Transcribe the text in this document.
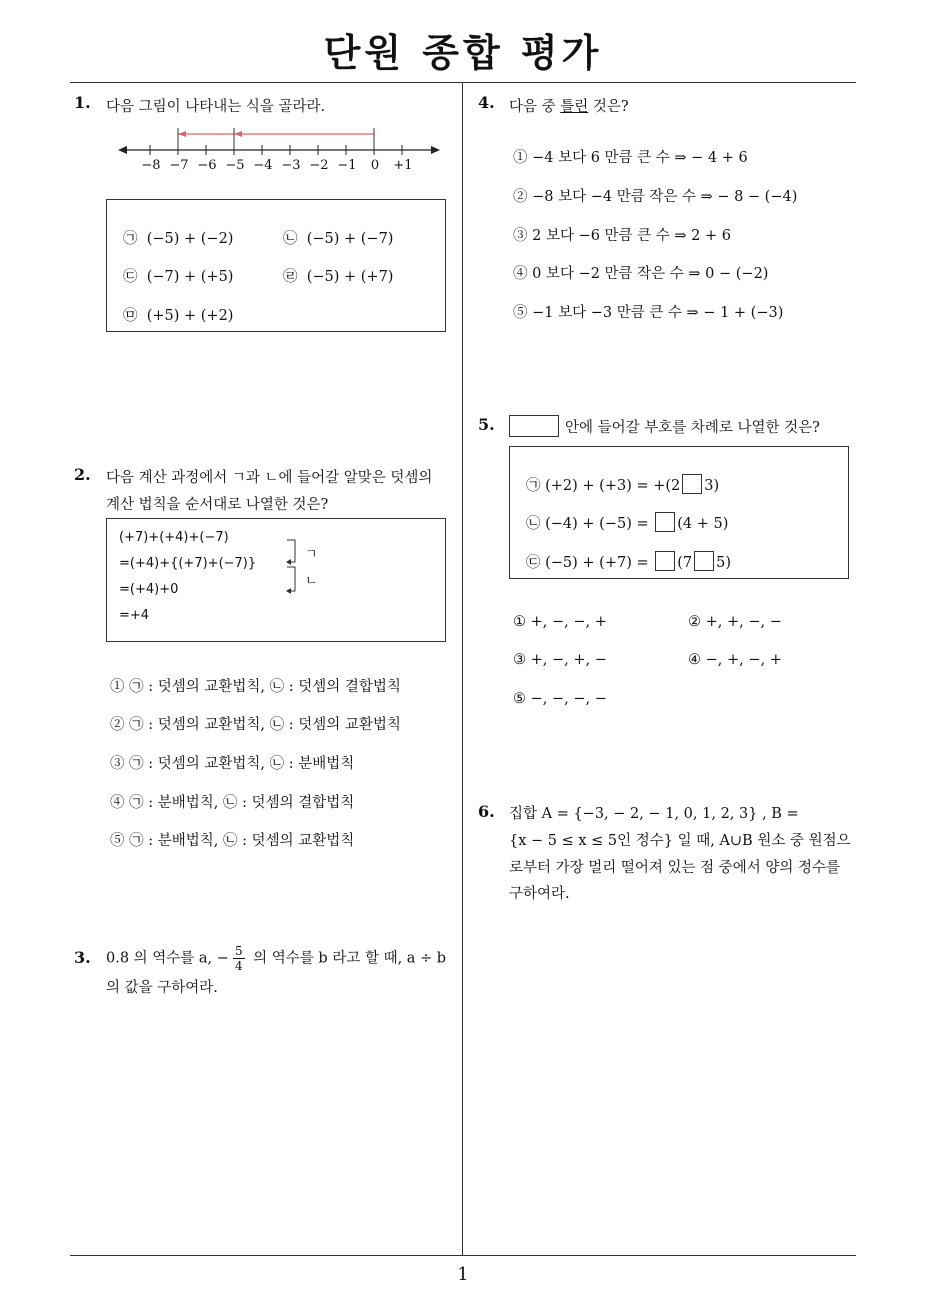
단원 종합 평가
1
1. 다음 그림이 나타내는 식을 골라라.
−8 −7 −6 −5 −4 −3 −2 −1	0	+1
㉠ (−5) + (−2)	㉡ (−5) + (−7)
㉢ (−7) + (+5)	㉣ (−5) + (+7)
㉤ (+5) + (+2)
2. 다음 계산 과정에서 ㄱ과 ㄴ에 들어갈 알맞은 덧셈의
계산 법칙을 순서대로 나열한 것은?
(+7)+(+4)+(−7)
=(+4)+{(+7)+(−7)}
=(+4)+0
=+4
ㄱ
ㄴ
① ㉠ : 덧셈의 교환법칙, ㉡ : 덧셈의 결합법칙
② ㉠ : 덧셈의 교환법칙, ㉡ : 덧셈의 교환법칙
③ ㉠ : 덧셈의 교환법칙, ㉡ : 분배법칙
④ ㉠ : 분배법칙, ㉡ : 덧셈의 결합법칙
⑤ ㉠ : 분배법칙, ㉡ : 덧셈의 교환법칙
3. 0.8 의 역수를 a, − $\frac{5}{4}$ 의 역수를 b 라고 할 때, a ÷ b
의 값을 구하여라.
4. 다음 중 틀린 것은?
① −4 보다 6 만큼 큰 수 ⇒ − 4 + 6
② −8 보다 −4 만큼 작은 수 ⇒ − 8 − (−4)
③ 2 보다 −6 만큼 큰 수 ⇒ 2 + 6
④ 0 보다 −2 만큼 작은 수 ⇒ 0 − (−2)
⑤ −1 보다 −3 만큼 큰 수 ⇒ − 1 + (−3)
5.	안에 들어갈 부호를 차례로 나열한 것은?
㉠ (+2) + (+3) = +(2 3)
㉡ (−4) + (−5) = (4 + 5)
㉢ (−5) + (+7) = (7 5)
① +, −, −, +	② +, +, −, −
③ +, −, +, −	④ −, +, −, +
⑤ −, −, −, −
6. 집합 A = {−3, − 2, − 1, 0, 1, 2, 3} , B =
{x − 5 ≤ x ≤ 5인 정수} 일 때, A∪B 원소 중 원점으
로부터 가장 멀리 떨어져 있는 점 중에서 양의 정수를
구하여라.
